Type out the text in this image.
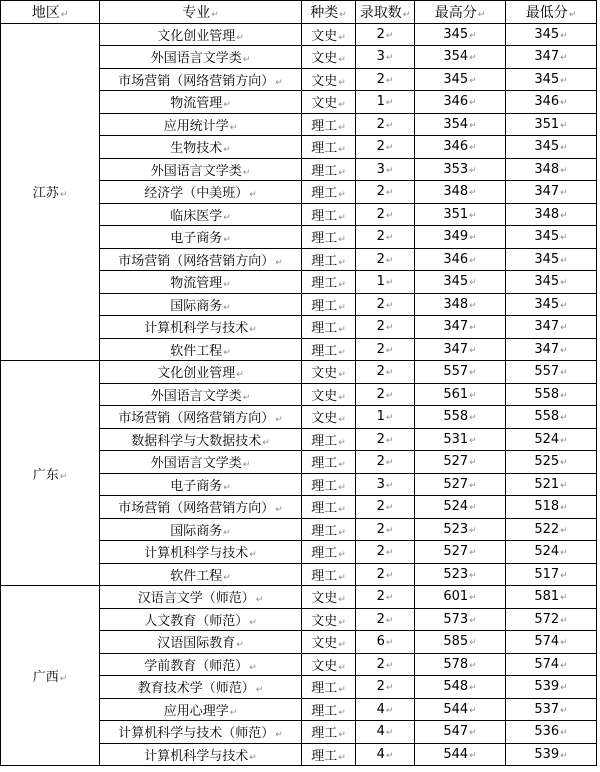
地区↵	专业↵	种类↵	录取数↵	最高分↵	最低分↵
江苏↵	文化创业管理↵	文史↵	2↵	345↵	345↵
	外国语言文学类↵	文史↵	3↵	354↵	347↵
	市场营销（网络营销方向）↵	文史↵	2↵	345↵	345↵
	物流管理↵	文史↵	1↵	346↵	346↵
	应用统计学↵	理工↵	2↵	354↵	351↵
	生物技术↵	理工↵	2↵	346↵	345↵
	外国语言文学类↵	理工↵	3↵	353↵	348↵
	经济学（中美班）↵	理工↵	2↵	348↵	347↵
	临床医学↵	理工↵	2↵	351↵	348↵
	电子商务↵	理工↵	2↵	349↵	345↵
	市场营销（网络营销方向）↵	理工↵	2↵	346↵	345↵
	物流管理↵	理工↵	1↵	345↵	345↵
	国际商务↵	理工↵	2↵	348↵	345↵
	计算机科学与技术↵	理工↵	2↵	347↵	347↵
	软件工程↵	理工↵	2↵	347↵	347↵
广东↵	文化创业管理↵	文史↵	2↵	557↵	557↵
	外国语言文学类↵	文史↵	2↵	561↵	558↵
	市场营销（网络营销方向）↵	文史↵	1↵	558↵	558↵
	数据科学与大数据技术↵	理工↵	2↵	531↵	524↵
	外国语言文学类↵	理工↵	2↵	527↵	525↵
	电子商务↵	理工↵	3↵	527↵	521↵
	市场营销（网络营销方向）↵	理工↵	2↵	524↵	518↵
	国际商务↵	理工↵	2↵	523↵	522↵
	计算机科学与技术↵	理工↵	2↵	527↵	524↵
	软件工程↵	理工↵	2↵	523↵	517↵
广西↵	汉语言文学（师范）↵	文史↵	2↵	601↵	581↵
	人文教育（师范）↵	文史↵	2↵	573↵	572↵
	汉语国际教育↵	文史↵	6↵	585↵	574↵
	学前教育（师范）↵	文史↵	2↵	578↵	574↵
	教育技术学（师范）↵	理工↵	2↵	548↵	539↵
	应用心理学↵	理工↵	4↵	544↵	537↵
	计算机科学与技术（师范）↵	理工↵	4↵	547↵	536↵
	计算机科学与技术↵	理工↵	4↵	544↵	539↵
